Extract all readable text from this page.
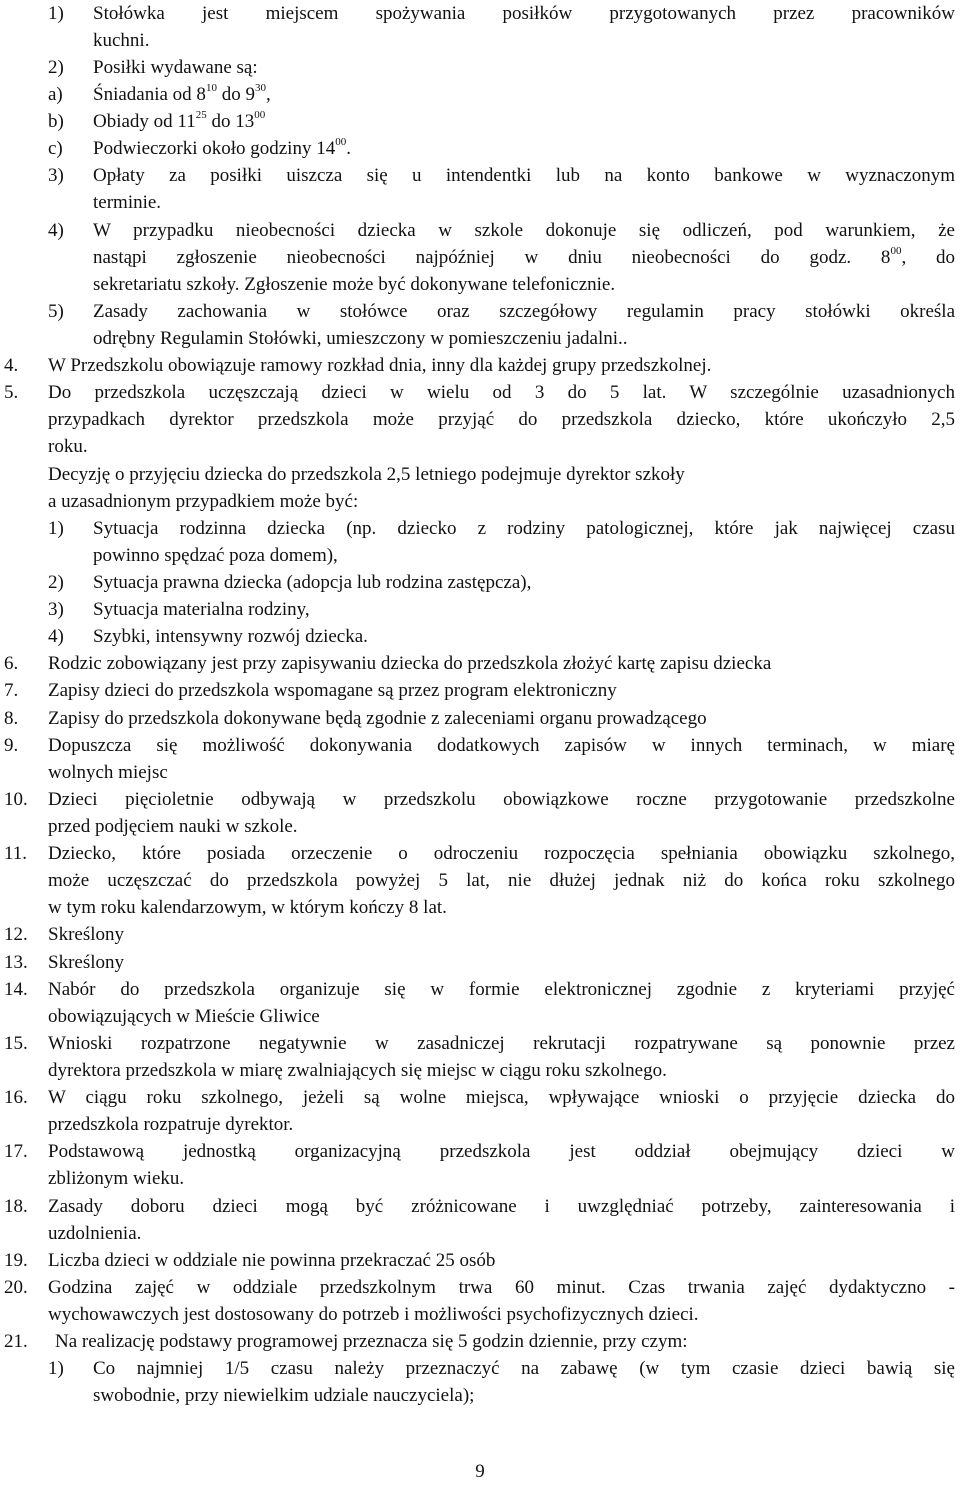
1) Stołówka jest miejscem spożywania posiłków przygotowanych przez pracowników
kuchni.
2) Posiłki wydawane są:
a) Śniadania od $8^{10}$ do $9^{30}$,
b) Obiady od $11^{25}$ do $13^{00}$
c) Podwieczorki około godziny $14^{00}$.
3) Opłaty za posiłki uiszcza się u intendentki lub na konto bankowe w wyznaczonym
terminie.
4) W przypadku nieobecności dziecka w szkole dokonuje się odliczeń, pod warunkiem, że
nastąpi zgłoszenie nieobecności najpóźniej w dniu nieobecności do godz. $8^{00}$, do
sekretariatu szkoły. Zgłoszenie może być dokonywane telefonicznie.
5) Zasady zachowania w stołówce oraz szczegółowy regulamin pracy stołówki określa
odrębny Regulamin Stołówki, umieszczony w pomieszczeniu jadalni..
4. W Przedszkolu obowiązuje ramowy rozkład dnia, inny dla każdej grupy przedszkolnej.
5. Do przedszkola uczęszczają dzieci w wielu od 3 do 5 lat. W szczególnie uzasadnionych
przypadkach dyrektor przedszkola może przyjąć do przedszkola dziecko, które ukończyło 2,5
roku.
Decyzję o przyjęciu dziecka do przedszkola 2,5 letniego podejmuje dyrektor szkoły
a uzasadnionym przypadkiem może być:
1) Sytuacja rodzinna dziecka (np. dziecko z rodziny patologicznej, które jak najwięcej czasu
powinno spędzać poza domem),
2) Sytuacja prawna dziecka (adopcja lub rodzina zastępcza),
3) Sytuacja materialna rodziny,
4) Szybki, intensywny rozwój dziecka.
6. Rodzic zobowiązany jest przy zapisywaniu dziecka do przedszkola złożyć kartę zapisu dziecka
7. Zapisy dzieci do przedszkola wspomagane są przez program elektroniczny
8. Zapisy do przedszkola dokonywane będą zgodnie z zaleceniami organu prowadzącego
9. Dopuszcza się możliwość dokonywania dodatkowych zapisów w innych terminach, w miarę
wolnych miejsc
10. Dzieci pięcioletnie odbywają w przedszkolu obowiązkowe roczne przygotowanie przedszkolne
przed podjęciem nauki w szkole.
11. Dziecko, które posiada orzeczenie o odroczeniu rozpoczęcia spełniania obowiązku szkolnego,
może uczęszczać do przedszkola powyżej 5 lat, nie dłużej jednak niż do końca roku szkolnego
w tym roku kalendarzowym, w którym kończy 8 lat.
12. Skreślony
13. Skreślony
14. Nabór do przedszkola organizuje się w formie elektronicznej zgodnie z kryteriami przyjęć
obowiązujących w Mieście Gliwice
15. Wnioski rozpatrzone negatywnie w zasadniczej rekrutacji rozpatrywane są ponownie przez
dyrektora przedszkola w miarę zwalniających się miejsc w ciągu roku szkolnego.
16. W ciągu roku szkolnego, jeżeli są wolne miejsca, wpływające wnioski o przyjęcie dziecka do
przedszkola rozpatruje dyrektor.
17. Podstawową jednostką organizacyjną przedszkola jest oddział obejmujący dzieci w
zbliżonym wieku.
18. Zasady doboru dzieci mogą być zróżnicowane i uwzględniać potrzeby, zainteresowania i
uzdolnienia.
19. Liczba dzieci w oddziale nie powinna przekraczać 25 osób
20. Godzina zajęć w oddziale przedszkolnym trwa 60 minut. Czas trwania zajęć dydaktyczno -
wychowawczych jest dostosowany do potrzeb i możliwości psychofizycznych dzieci.
21. Na realizację podstawy programowej przeznacza się 5 godzin dziennie, przy czym:
1) Co najmniej 1/5 czasu należy przeznaczyć na zabawę (w tym czasie dzieci bawią się
swobodnie, przy niewielkim udziale nauczyciela);
9
